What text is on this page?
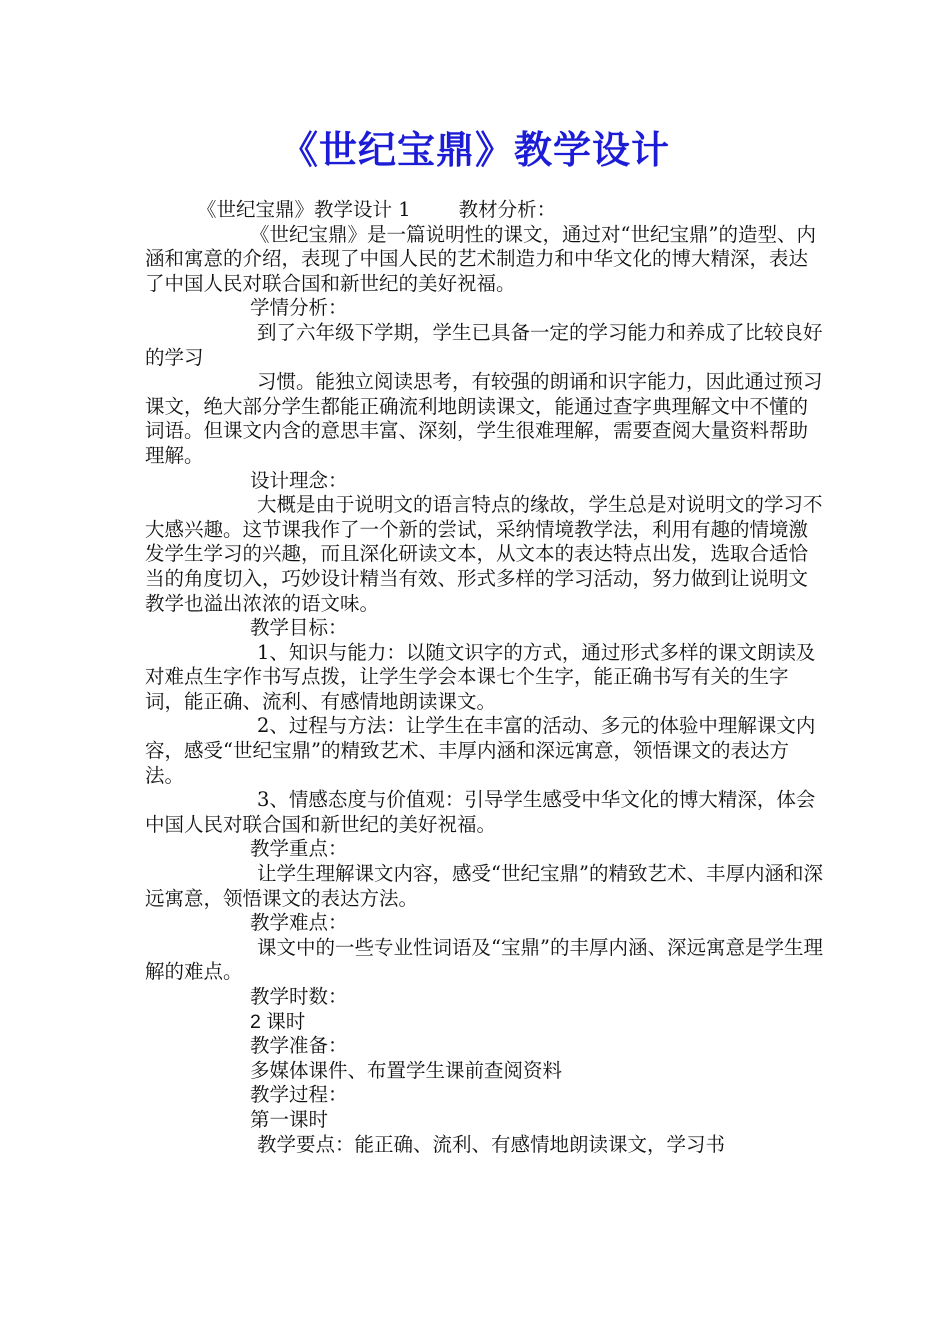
《世纪宝鼎》教学设计
《世纪宝鼎》教学设计 1 教材分析：

《世纪宝鼎》是一篇说明性的课文，通过对“世纪宝鼎”的造型、内涵和寓意的介绍，表现了中国人民的艺术制造力和中华文化的博大精深，表达了中国人民对联合国和新世纪的美好祝福。

学情分析：

到了六年级下学期，学生已具备一定的学习能力和养成了比较良好的学习

习惯。能独立阅读思考，有较强的朗诵和识字能力，因此通过预习课文，绝大部分学生都能正确流利地朗读课文，能通过查字典理解文中不懂的词语。但课文内含的意思丰富、深刻，学生很难理解，需要查阅大量资料帮助理解。

设计理念：

大概是由于说明文的语言特点的缘故，学生总是对说明文的学习不大感兴趣。这节课我作了一个新的尝试，采纳情境教学法，利用有趣的情境激发学生学习的兴趣，而且深化研读文本，从文本的表达特点出发，选取合适恰当的角度切入，巧妙设计精当有效、形式多样的学习活动，努力做到让说明文教学也溢出浓浓的语文味。

教学目标：

1、知识与能力：以随文识字的方式，通过形式多样的课文朗读及对难点生字作书写点拨，让学生学会本课七个生字，能正确书写有关的生字词，能正确、流利、有感情地朗读课文。

2、过程与方法：让学生在丰富的活动、多元的体验中理解课文内容，感受“世纪宝鼎”的精致艺术、丰厚内涵和深远寓意，领悟课文的表达方法。

3、情感态度与价值观：引导学生感受中华文化的博大精深，体会中国人民对联合国和新世纪的美好祝福。

教学重点：

让学生理解课文内容，感受“世纪宝鼎”的精致艺术、丰厚内涵和深远寓意，领悟课文的表达方法。

教学难点：

课文中的一些专业性词语及“宝鼎”的丰厚内涵、深远寓意是学生理解的难点。

教学时数：

2 课时

教学准备：

多媒体课件、布置学生课前查阅资料

教学过程：

第一课时

教学要点：能正确、流利、有感情地朗读课文，学习书
